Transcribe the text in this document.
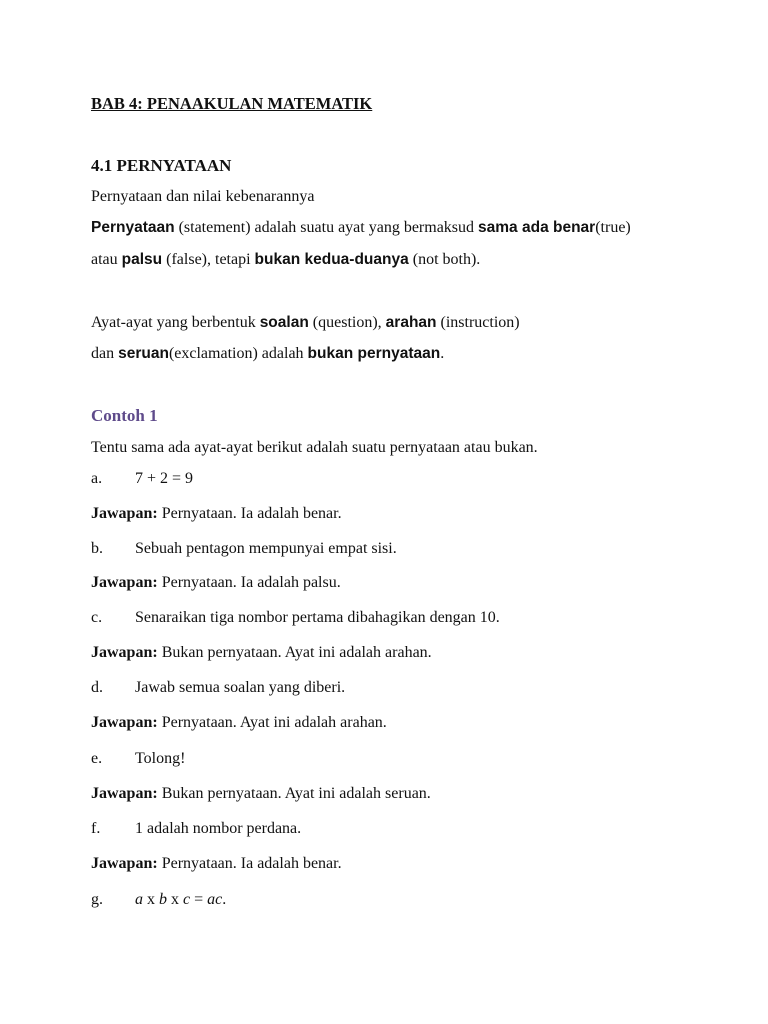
BAB 4: PENAAKULAN MATEMATIK
4.1 PERNYATAAN
Pernyataan dan nilai kebenarannya
Pernyataan (statement) adalah suatu ayat yang bermaksud sama ada benar(true)
atau palsu (false), tetapi bukan kedua-duanya (not both).
Ayat-ayat yang berbentuk soalan (question), arahan (instruction)
dan seruan(exclamation) adalah bukan pernyataan.
Contoh 1
Tentu sama ada ayat-ayat berikut adalah suatu pernyataan atau bukan.
a. 7 + 2 = 9
Jawapan: Pernyataan. Ia adalah benar.
b. Sebuah pentagon mempunyai empat sisi.
Jawapan: Pernyataan. Ia adalah palsu.
c. Senaraikan tiga nombor pertama dibahagikan dengan 10.
Jawapan: Bukan pernyataan. Ayat ini adalah arahan.
d. Jawab semua soalan yang diberi.
Jawapan: Pernyataan. Ayat ini adalah arahan.
e. Tolong!
Jawapan: Bukan pernyataan. Ayat ini adalah seruan.
f. 1 adalah nombor perdana.
Jawapan: Pernyataan. Ia adalah benar.
g. a x b x c = ac.
